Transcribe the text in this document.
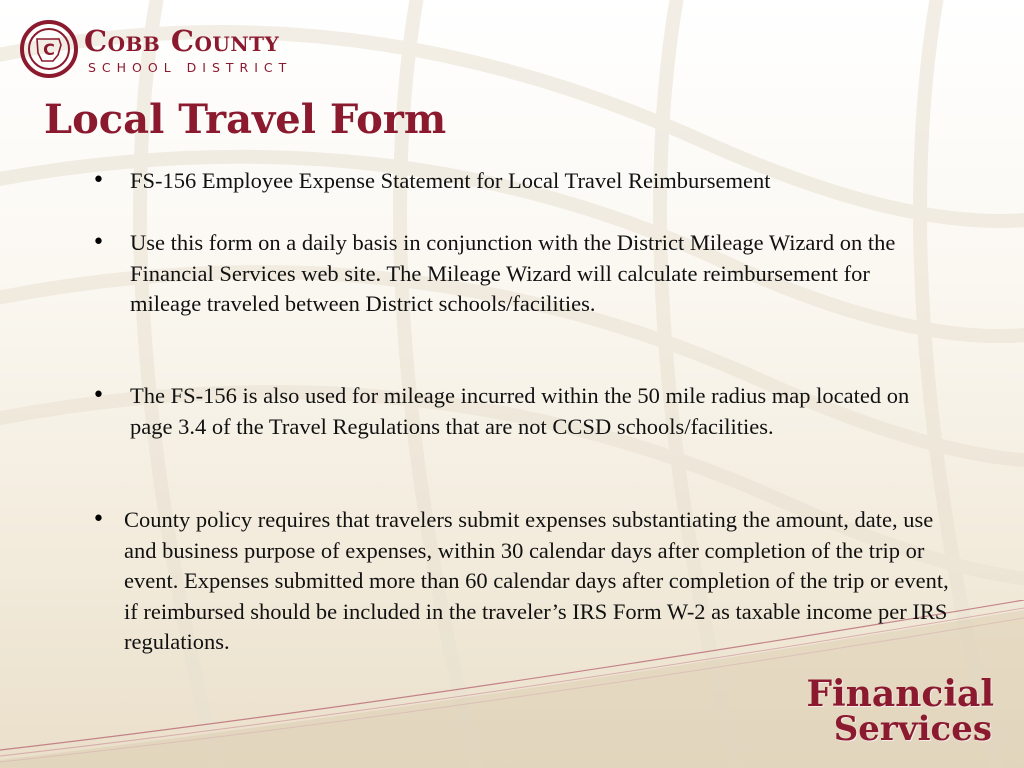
C Cobb County
SCHOOL DISTRICT
Local Travel Form
• FS-156 Employee Expense Statement for Local Travel Reimbursement
• Use this form on a daily basis in conjunction with the District Mileage Wizard on the Financial Services web site. The Mileage Wizard will calculate reimbursement for mileage traveled between District schools/facilities.
• The FS-156 is also used for mileage incurred within the 50 mile radius map located on page 3.4 of the Travel Regulations that are not CCSD schools/facilities.
• County policy requires that travelers submit expenses substantiating the amount, date, use and business purpose of expenses, within 30 calendar days after completion of the trip or event. Expenses submitted more than 60 calendar days after completion of the trip or event, if reimbursed should be included in the traveler’s IRS Form W-2 as taxable income per IRS regulations.
Financial
Services
